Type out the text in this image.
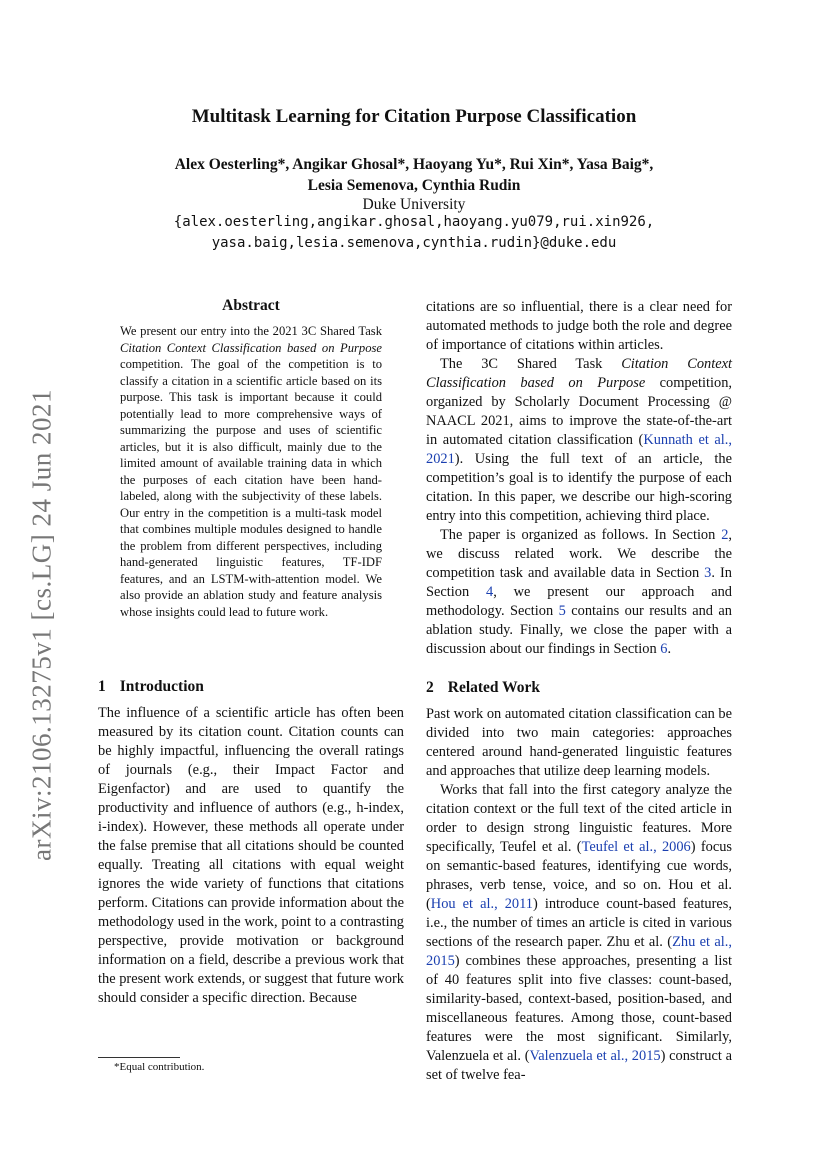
arXiv:2106.13275v1 [cs.LG] 24 Jun 2021
Multitask Learning for Citation Purpose Classification
Alex Oesterling*, Angikar Ghosal*, Haoyang Yu*, Rui Xin*, Yasa Baig*,
Lesia Semenova, Cynthia Rudin
Duke University
{alex.oesterling,angikar.ghosal,haoyang.yu079,rui.xin926,
yasa.baig,lesia.semenova,cynthia.rudin}@duke.edu
Abstract
We present our entry into the 2021 3C Shared Task Citation Context Classification based on Purpose competition. The goal of the competition is to classify a citation in a scientific article based on its purpose. This task is important because it could potentially lead to more comprehensive ways of summarizing the purpose and uses of scientific articles, but it is also difficult, mainly due to the limited amount of available training data in which the purposes of each citation have been hand-labeled, along with the subjectivity of these labels. Our entry in the competition is a multi-task model that combines multiple modules designed to handle the problem from different perspectives, including hand-generated linguistic features, TF-IDF features, and an LSTM-with-attention model. We also provide an ablation study and feature analysis whose insights could lead to future work.
1 Introduction

The influence of a scientific article has often been measured by its citation count. Citation counts can be highly impactful, influencing the overall ratings of journals (e.g., their Impact Factor and Eigenfactor) and are used to quantify the productivity and influence of authors (e.g., h-index, i-index). However, these methods all operate under the false premise that all citations should be counted equally. Treating all citations with equal weight ignores the wide variety of functions that citations perform. Citations can provide information about the methodology used in the work, point to a contrasting perspective, provide motivation or background information on a field, describe a previous work that the present work extends, or suggest that future work should consider a specific direction. Because

citations are so influential, there is a clear need for automated methods to judge both the role and degree of importance of citations within articles.

The 3C Shared Task Citation Context Classification based on Purpose competition, organized by Scholarly Document Processing @ NAACL 2021, aims to improve the state-of-the-art in automated citation classification (Kunnath et al., 2021). Using the full text of an article, the competition’s goal is to identify the purpose of each citation. In this paper, we describe our high-scoring entry into this competition, achieving third place.

The paper is organized as follows. In Section 2, we discuss related work. We describe the competition task and available data in Section 3. In Section 4, we present our approach and methodology. Section 5 contains our results and an ablation study. Finally, we close the paper with a discussion about our findings in Section 6.

2 Related Work

Past work on automated citation classification can be divided into two main categories: approaches centered around hand-generated linguistic features and approaches that utilize deep learning models.

Works that fall into the first category analyze the citation context or the full text of the cited article in order to design strong linguistic features. More specifically, Teufel et al. (Teufel et al., 2006) focus on semantic-based features, identifying cue words, phrases, verb tense, voice, and so on. Hou et al. (Hou et al., 2011) introduce count-based features, i.e., the number of times an article is cited in various sections of the research paper. Zhu et al. (Zhu et al., 2015) combines these approaches, presenting a list of 40 features split into five classes: count-based, similarity-based, context-based, position-based, and miscellaneous features. Among those, count-based features were the most significant. Similarly, Valenzuela et al. (Valenzuela et al., 2015) construct a set of twelve fea-

*Equal contribution.
